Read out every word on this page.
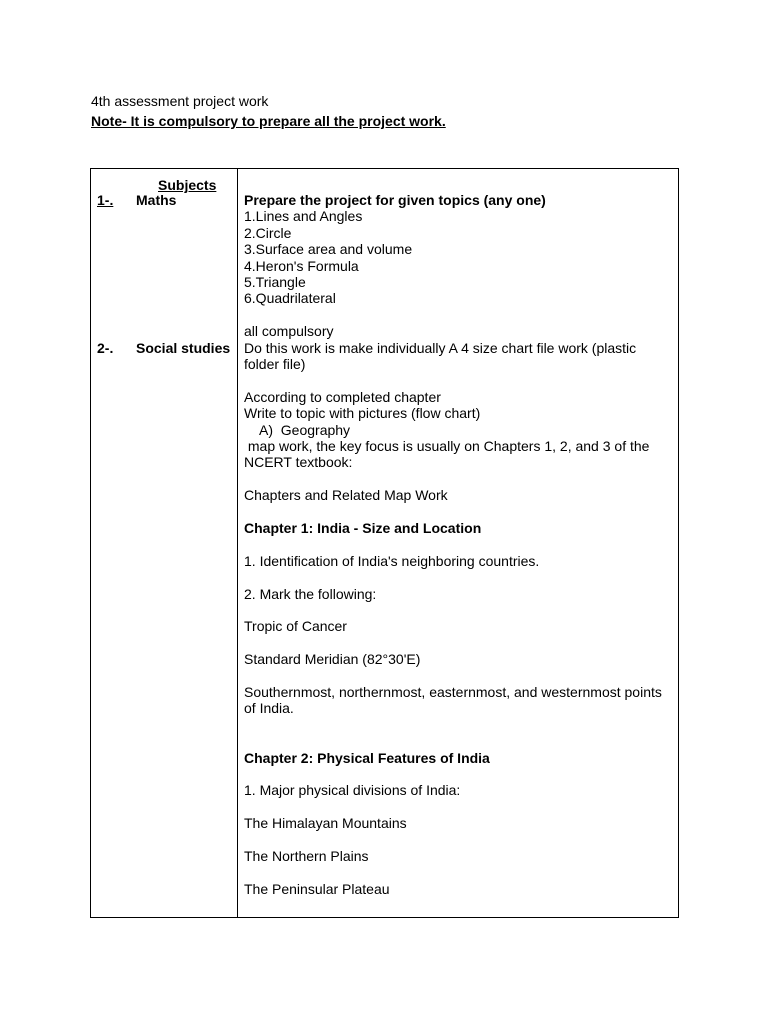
4th assessment project work
Note- It is compulsory to prepare all the project work.
Subjects
1-. Maths
2-. Social studies
Prepare the project for given topics (any one)
1.Lines and Angles
2.Circle
3.Surface area and volume
4.Heron's Formula
5.Triangle
6.Quadrilateral
all compulsory
Do this work is make individually A 4 size chart file work (plastic folder file)
According to completed chapter
Write to topic with pictures (flow chart)
A)  Geography
map work, the key focus is usually on Chapters 1, 2, and 3 of the NCERT textbook:
Chapters and Related Map Work
Chapter 1: India - Size and Location
1. Identification of India's neighboring countries.
2. Mark the following:
Tropic of Cancer
Standard Meridian (82°30'E)
Southernmost, northernmost, easternmost, and westernmost points of India.
Chapter 2: Physical Features of India
1. Major physical divisions of India:
The Himalayan Mountains
The Northern Plains
The Peninsular Plateau
